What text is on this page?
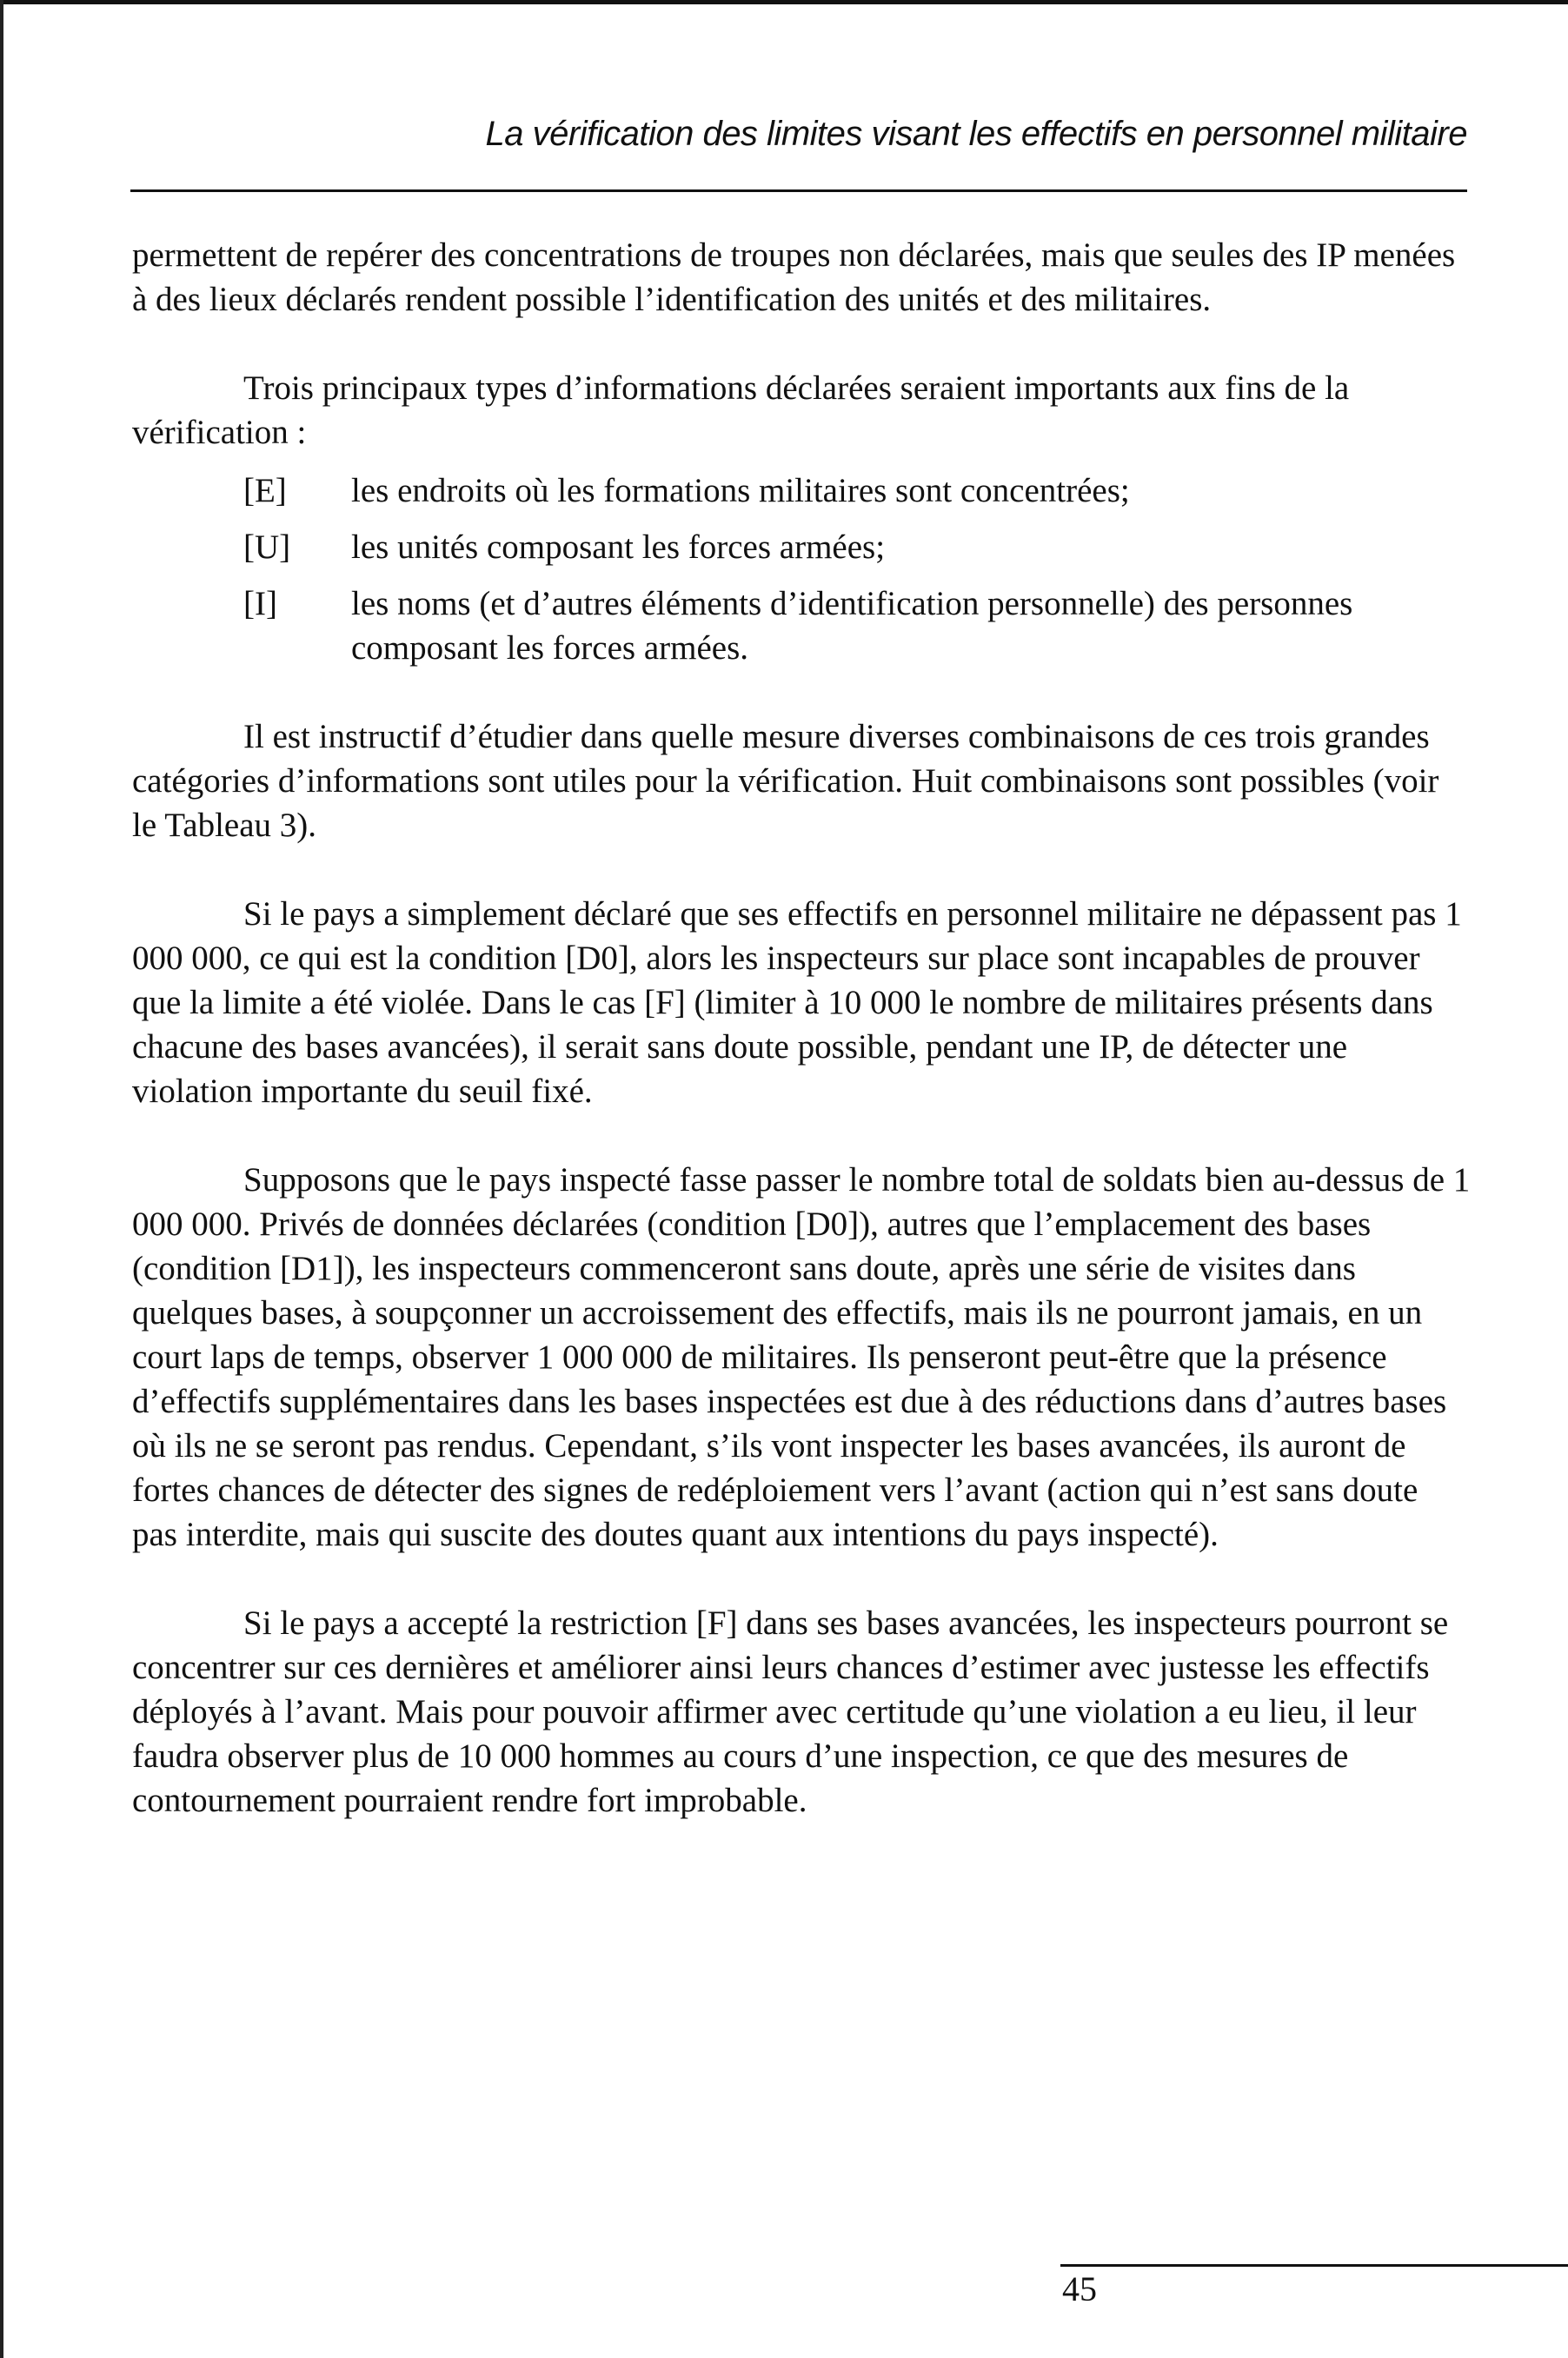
La vérification des limites visant les effectifs en personnel militaire

permettent de repérer des concentrations de troupes non déclarées, mais que seules des IP menées à des lieux déclarés rendent possible l’identification des unités et des militaires.

Trois principaux types d’informations déclarées seraient importants aux fins de la vérification :

[E]	les endroits où les formations militaires sont concentrées;
[U]	les unités composant les forces armées;
[I]	les noms (et d’autres éléments d’identification personnelle) des personnes composant les forces armées.

Il est instructif d’étudier dans quelle mesure diverses combinaisons de ces trois grandes catégories d’informations sont utiles pour la vérification. Huit combinaisons sont possibles (voir le Tableau 3).

Si le pays a simplement déclaré que ses effectifs en personnel militaire ne dépassent pas 1 000 000, ce qui est la condition [D0], alors les inspecteurs sur place sont incapables de prouver que la limite a été violée. Dans le cas [F] (limiter à 10 000 le nombre de militaires présents dans chacune des bases avancées), il serait sans doute possible, pendant une IP, de détecter une violation importante du seuil fixé.

Supposons que le pays inspecté fasse passer le nombre total de soldats bien au-dessus de 1 000 000. Privés de données déclarées (condition [D0]), autres que l’emplacement des bases (condition [D1]), les inspecteurs commenceront sans doute, après une série de visites dans quelques bases, à soupçonner un accroissement des effectifs, mais ils ne pourront jamais, en un court laps de temps, observer 1 000 000 de militaires. Ils penseront peut-être que la présence d’effectifs supplémentaires dans les bases inspectées est due à des réductions dans d’autres bases où ils ne se seront pas rendus. Cependant, s’ils vont inspecter les bases avancées, ils auront de fortes chances de détecter des signes de redéploiement vers l’avant (action qui n’est sans doute pas interdite, mais qui suscite des doutes quant aux intentions du pays inspecté).

Si le pays a accepté la restriction [F] dans ses bases avancées, les inspecteurs pourront se concentrer sur ces dernières et améliorer ainsi leurs chances d’estimer avec justesse les effectifs déployés à l’avant. Mais pour pouvoir affirmer avec certitude qu’une violation a eu lieu, il leur faudra observer plus de 10 000 hommes au cours d’une inspection, ce que des mesures de contournement pourraient rendre fort improbable.

45
